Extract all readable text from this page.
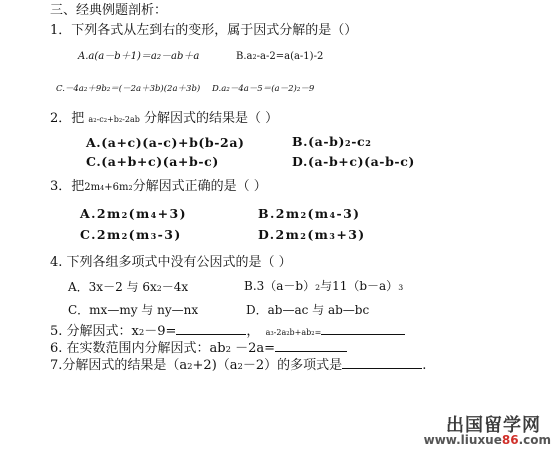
三、经典例题剖析：
1．下列各式从左到右的变形，属于因式分解的是（）
$A.a(a-b+1)=a^2-ab+a$	$B.a^2-a-2=a(a-1)-2$
$C.-4a^2+9b^2=(-2a+3b)(2a+3b)$ $D.a^2-4a-5=(a-2)^2-9$
2．把 $a^2-c^2+b^2-2ab$ 分解因式的结果是（ ）
A.(a+c)(a-c)+b(b-2a)	$B.(a-b)^2-c^2$
C.(a+b+c)(a+b-c)	D.(a-b+c)(a-b-c)
3．把$2m^4+6m^2$分解因式正确的是（ ）
$A.2m^2(m^4+3)$	$B.2m^2(m^4-3)$
$C.2m^2(m^3-3)$	$D.2m^2(m^3+3)$
4. 下列各组多项式中没有公因式的是（ ）
A．3x－2 与 $6x^2-4x$	$B.3(a-b)^2$与$11(b-a)^3$
C．mx—my 与 ny—nx	D．ab—ac 与 ab—bc
5. 分解因式：$x^2-9=$	， $a^3-2a^2b+ab^2=$
6. 在实数范围内分解因式：$ab^2 -2a=$
7.分解因式的结果是$(a^2+2)(a^2-2)$的多项式是	.
出国留学网
www.liuxue86.com
